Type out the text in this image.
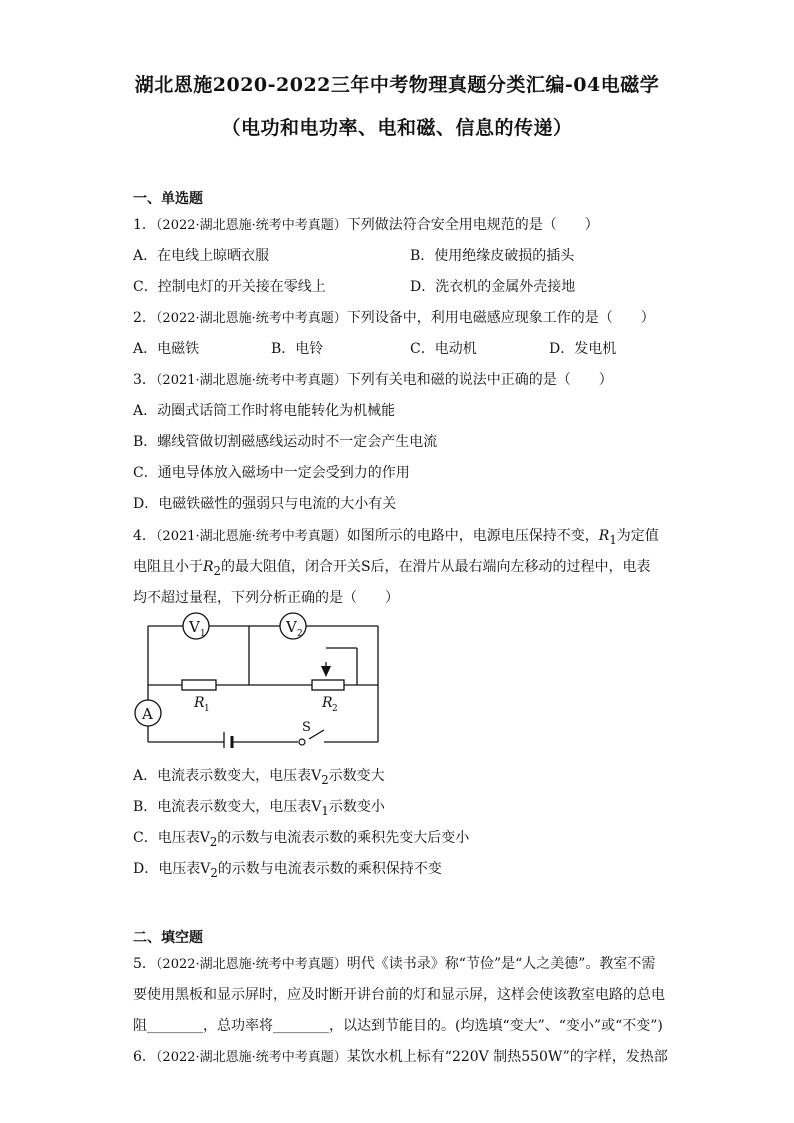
湖北恩施2020-2022三年中考物理真题分类汇编-04电磁学
（电功和电功率、电和磁、信息的传递）
一、单选题
1．（2022·湖北恩施·统考中考真题）下列做法符合安全用电规范的是（　　）
A．在电线上晾晒衣服	B．使用绝缘皮破损的插头
C．控制电灯的开关接在零线上	D．洗衣机的金属外壳接地
2．（2022·湖北恩施·统考中考真题）下列设备中，利用电磁感应现象工作的是（　　）
A．电磁铁	B．电铃	C．电动机	D．发电机
3．（2021·湖北恩施·统考中考真题）下列有关电和磁的说法中正确的是（　　）
A．动圈式话筒工作时将电能转化为机械能
B．螺线管做切割磁感线运动时不一定会产生电流
C．通电导体放入磁场中一定会受到力的作用
D．电磁铁磁性的强弱只与电流的大小有关
4．（2021·湖北恩施·统考中考真题）如图所示的电路中，电源电压保持不变，$R_1$为定值
电阻且小于$R_2$的最大阻值，闭合开关S后，在滑片从最右端向左移动的过程中，电表
均不超过量程，下列分析正确的是（　　）
V 1	V 2
A
R 1	R 2
S
A．电流表示数变大，电压表$V_2$示数变大
B．电流表示数变大，电压表$V_1$示数变小
C．电压表$V_2$的示数与电流表示数的乘积先变大后变小
D．电压表$V_2$的示数与电流表示数的乘积保持不变
二、填空题
5．（2022·湖北恩施·统考中考真题）明代《读书录》称“节俭”是“人之美德”。教室不需
要使用黑板和显示屏时，应及时断开讲台前的灯和显示屏，这样会使该教室电路的总电
阻________，总功率将________，以达到节能目的。(均选填“变大”、“变小”或“不变”)
6．（2022·湖北恩施·统考中考真题）某饮水机上标有“220V 制热550W”的字样，发热部
